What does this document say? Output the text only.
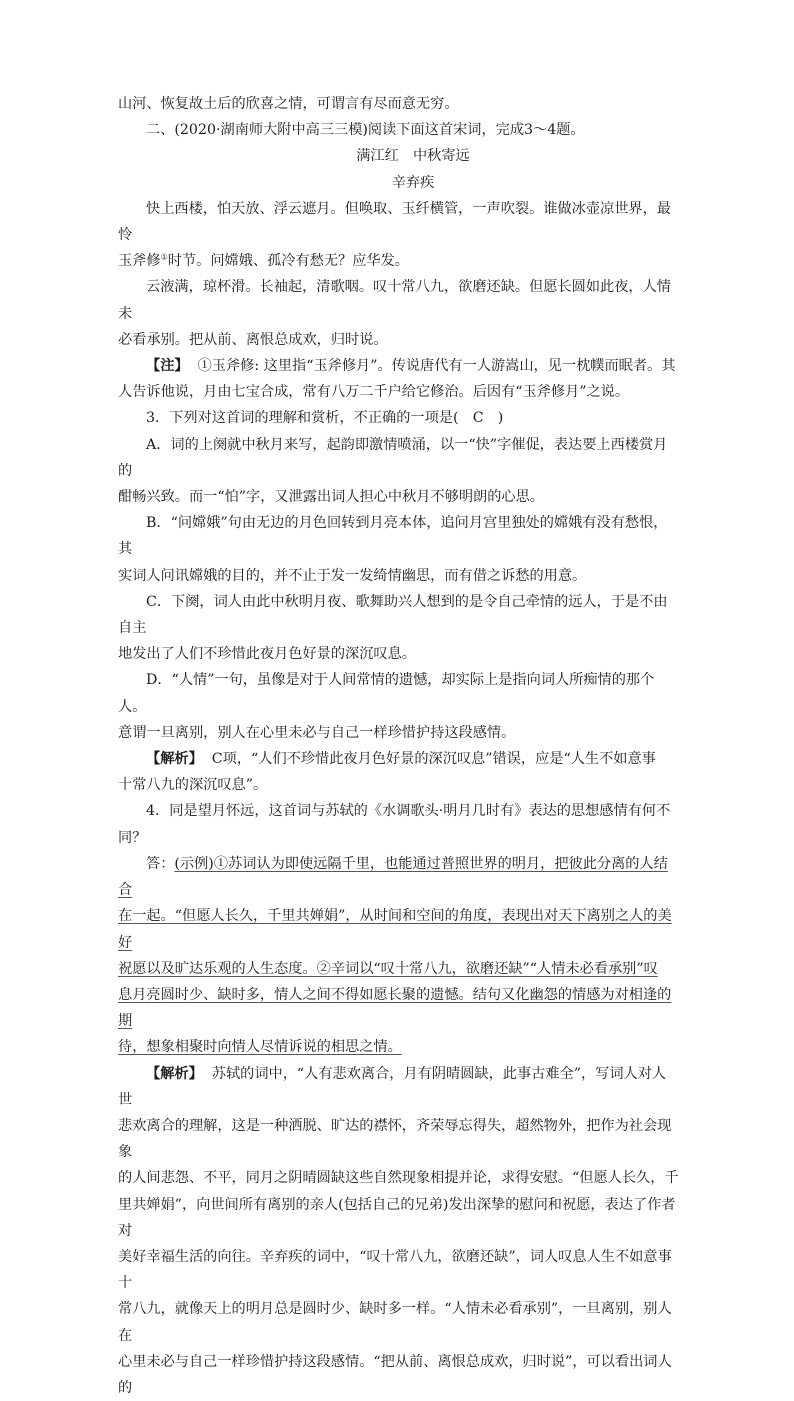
山河、恢复故土后的欣喜之情，可谓言有尽而意无穷。

二、(2020·湖南师大附中高三三模)阅读下面这首宋词，完成3～4题。

满江红　中秋寄远

辛弃疾

快上西楼，怕天放、浮云遮月。但唤取、玉纤横管，一声吹裂。谁做冰壶凉世界，最怜

玉斧修①时节。问嫦娥、孤冷有愁无？应华发。

云液满，琼杯滑。长袖起，清歌咽。叹十常八九，欲磨还缺。但愿长圆如此夜，人情未

必看承别。把从前、离恨总成欢，归时说。

【注】 ①玉斧修: 这里指“玉斧修月”。传说唐代有一人游嵩山，见一枕幞而眠者。其

人告诉他说，月由七宝合成，常有八万二千户给它修治。后因有“玉斧修月”之说。

3．下列对这首词的理解和赏析，不正确的一项是(　C　)

A．词的上阕就中秋月来写，起韵即激情喷涌，以一“快”字催促，表达要上西楼赏月的

酣畅兴致。而一“怕”字，又泄露出词人担心中秋月不够明朗的心思。

B．“问嫦娥”句由无边的月色回转到月亮本体，追问月宫里独处的嫦娥有没有愁恨，其

实词人问讯嫦娥的目的，并不止于发一发绮情幽思，而有借之诉愁的用意。

C．下阕，词人由此中秋明月夜、歌舞助兴人想到的是令自己牵情的远人，于是不由自主

地发出了人们不珍惜此夜月色好景的深沉叹息。

D．“人情”一句，虽像是对于人间常情的遗憾，却实际上是指向词人所痴情的那个人。

意谓一旦离别，别人在心里未必与自己一样珍惜护持这段感情。

【解析】 C项，“人们不珍惜此夜月色好景的深沉叹息”错误，应是“人生不如意事

十常八九的深沉叹息”。

4．同是望月怀远，这首词与苏轼的《水调歌头·明月几时有》表达的思想感情有何不同？

答：(示例)①苏词认为即使远隔千里，也能通过普照世界的明月，把彼此分离的人结合

在一起。“但愿人长久，千里共婵娟”，从时间和空间的角度，表现出对天下离别之人的美好

祝愿以及旷达乐观的人生态度。②辛词以“叹十常八九，欲磨还缺”“人情未必看承别”叹

息月亮圆时少、缺时多，情人之间不得如愿长聚的遗憾。结句又化幽怨的情感为对相逢的期

待，想象相聚时向情人尽情诉说的相思之情。

【解析】 苏轼的词中，“人有悲欢离合，月有阴晴圆缺，此事古难全”，写词人对人世

悲欢离合的理解，这是一种洒脱、旷达的襟怀，齐荣辱忘得失，超然物外，把作为社会现象

的人间悲怨、不平，同月之阴晴圆缺这些自然现象相提并论，求得安慰。“但愿人长久，千

里共婵娟”，向世间所有离别的亲人(包括自己的兄弟)发出深挚的慰问和祝愿，表达了作者对

美好幸福生活的向往。辛弃疾的词中，“叹十常八九，欲磨还缺”，词人叹息人生不如意事十

常八九，就像天上的明月总是圆时少、缺时多一样。“人情未必看承别”，一旦离别，别人在

心里未必与自己一样珍惜护持这段感情。“把从前、离恨总成欢，归时说”，可以看出词人的
